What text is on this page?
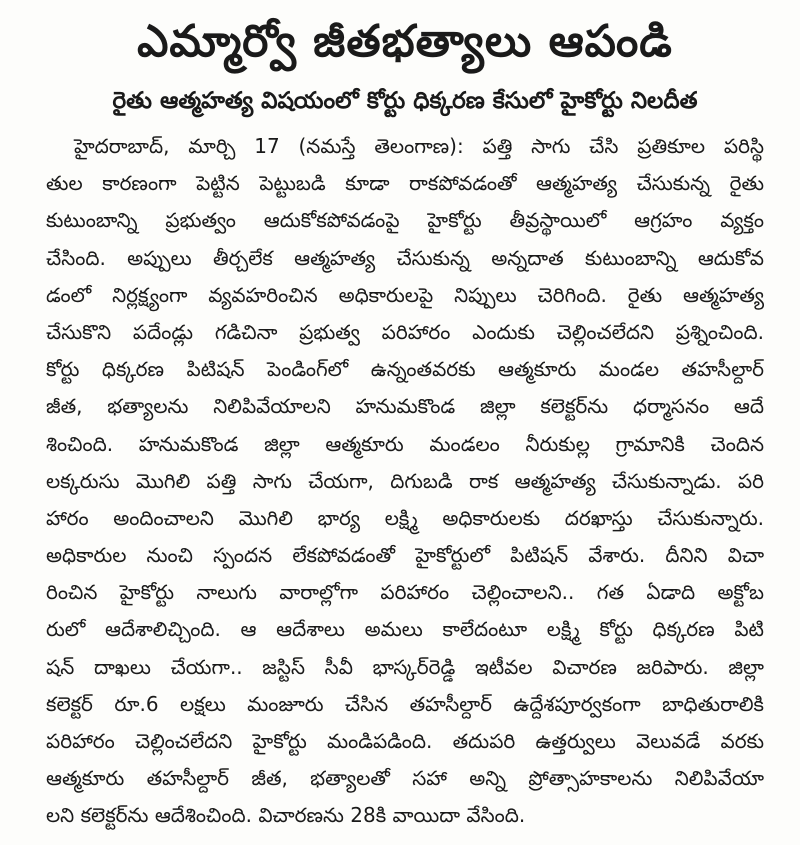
ఎమ్మార్వో జీతభత్యాలు ఆపండి
రైతు ఆత్మహత్య విషయంలో కోర్టు ధిక్కరణ కేసులో హైకోర్టు నిలదీత
హైదరాబాద్, మార్చి 17 (నమస్తే తెలంగాణ): పత్తి సాగు చేసి ప్రతికూల పరిస్థి
తుల కారణంగా పెట్టిన పెట్టుబడి కూడా రాకపోవడంతో ఆత్మహత్య చేసుకున్న రైతు
కుటుంబాన్ని ప్రభుత్వం ఆదుకోకపోవడంపై హైకోర్టు తీవ్రస్థాయిలో ఆగ్రహం వ్యక్తం
చేసింది. అప్పులు తీర్చలేక ఆత్మహత్య చేసుకున్న అన్నదాత కుటుంబాన్ని ఆదుకోవ
డంలో నిర్లక్ష్యంగా వ్యవహరించిన అధికారులపై నిప్పులు చెరిగింది. రైతు ఆత్మహత్య
చేసుకొని పదేండ్లు గడిచినా ప్రభుత్వ పరిహారం ఎందుకు చెల్లించలేదని ప్రశ్నించింది.
కోర్టు ధిక్కరణ పిటిషన్ పెండింగ్‌లో ఉన్నంతవరకు ఆత్మకూరు మండల తహసీల్దార్
జీత, భత్యాలను నిలిపివేయాలని హనుమకొండ జిల్లా కలెక్టర్‌ను ధర్మాసనం ఆదే
శించింది. హనుమకొండ జిల్లా ఆత్మకూరు మండలం నీరుకుల్ల గ్రామానికి చెందిన
లక్కరుసు మొగిలి పత్తి సాగు చేయగా, దిగుబడి రాక ఆత్మహత్య చేసుకున్నాడు. పరి
హారం అందించాలని మొగిలి భార్య లక్ష్మి అధికారులకు దరఖాస్తు చేసుకున్నారు.
అధికారుల నుంచి స్పందన లేకపోవడంతో హైకోర్టులో పిటిషన్ వేశారు. దీనిని విచా
రించిన హైకోర్టు నాలుగు వారాల్లోగా పరిహారం చెల్లించాలని.. గత ఏడాది అక్టోబ
రులో ఆదేశాలిచ్చింది. ఆ ఆదేశాలు అమలు కాలేదంటూ లక్ష్మి కోర్టు ధిక్కరణ పిటి
షన్ దాఖలు చేయగా.. జస్టిస్ సీవీ భాస్కర్‌రెడ్డి ఇటీవల విచారణ జరిపారు. జిల్లా
కలెక్టర్ రూ.6 లక్షలు మంజూరు చేసిన తహసీల్దార్ ఉద్దేశపూర్వకంగా బాధితురాలికి
పరిహారం చెల్లించలేదని హైకోర్టు మండిపడింది. తదుపరి ఉత్తర్వులు వెలువడే వరకు
ఆత్మకూరు తహసీల్దార్ జీత, భత్యాలతో సహా అన్ని ప్రోత్సాహకాలను నిలిపివేయా
లని కలెక్టర్‌ను ఆదేశించింది. విచారణను 28కి వాయిదా వేసింది.
